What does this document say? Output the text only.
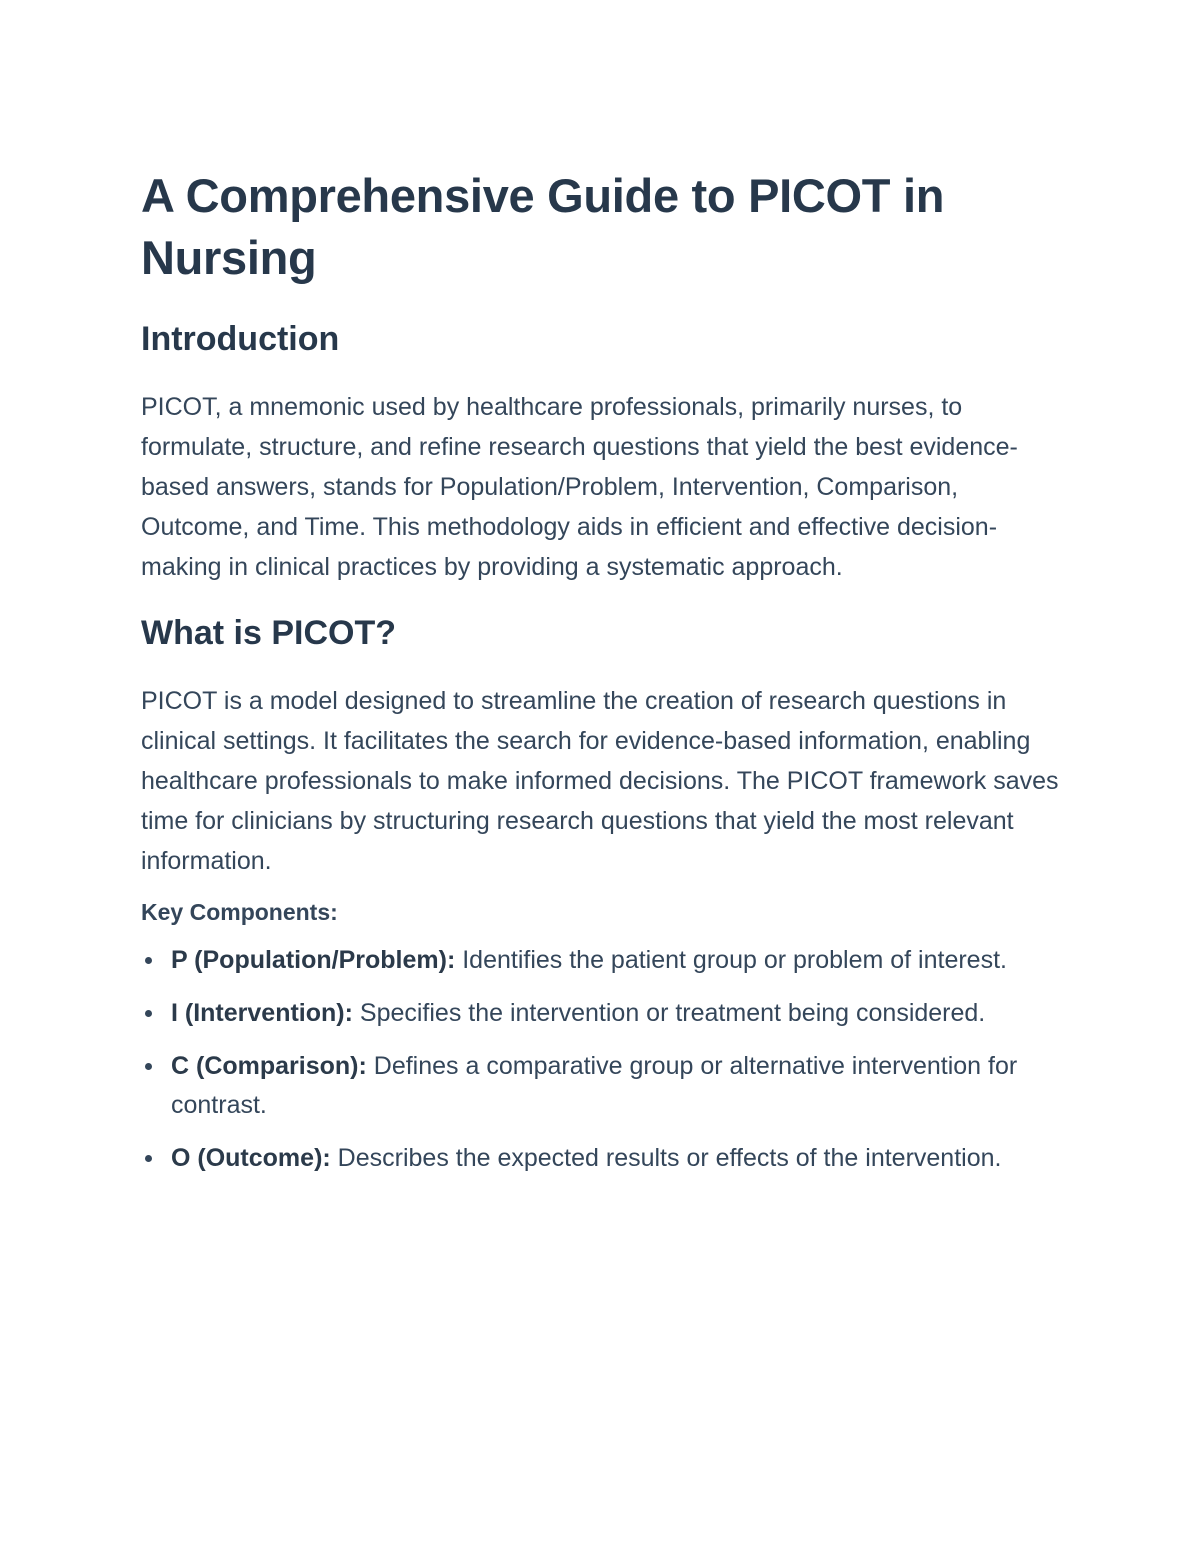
A Comprehensive Guide to PICOT in Nursing
Introduction

PICOT, a mnemonic used by healthcare professionals, primarily nurses, to formulate, structure, and refine research questions that yield the best evidence-based answers, stands for Population/Problem, Intervention, Comparison, Outcome, and Time. This methodology aids in efficient and effective decision-making in clinical practices by providing a systematic approach.

What is PICOT?

PICOT is a model designed to streamline the creation of research questions in clinical settings. It facilitates the search for evidence-based information, enabling healthcare professionals to make informed decisions. The PICOT framework saves time for clinicians by structuring research questions that yield the most relevant information.

Key Components:
P (Population/Problem): Identifies the patient group or problem of interest.
I (Intervention): Specifies the intervention or treatment being considered.
C (Comparison): Defines a comparative group or alternative intervention for contrast.
O (Outcome): Describes the expected results or effects of the intervention.
